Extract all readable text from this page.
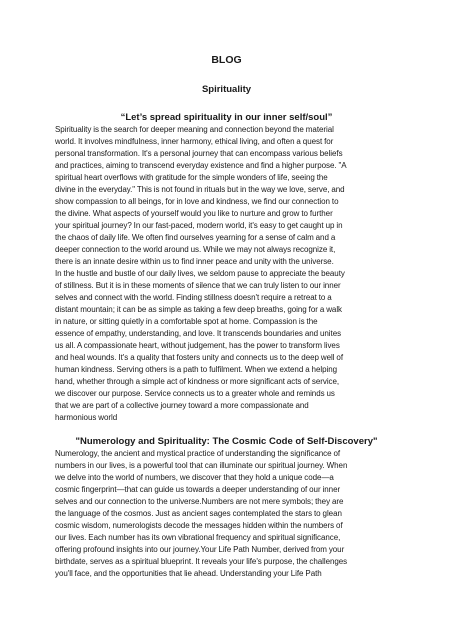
BLOG
Spirituality
“Let’s spread spirituality in our inner self/soul”
Spirituality is the search for deeper meaning and connection beyond the material
world. It involves mindfulness, inner harmony, ethical living, and often a quest for
personal transformation. It's a personal journey that can encompass various beliefs
and practices, aiming to transcend everyday existence and find a higher purpose. "A
spiritual heart overflows with gratitude for the simple wonders of life, seeing the
divine in the everyday." This is not found in rituals but in the way we love, serve, and
show compassion to all beings, for in love and kindness, we find our connection to
the divine. What aspects of yourself would you like to nurture and grow to further
your spiritual journey? In our fast-paced, modern world, it's easy to get caught up in
the chaos of daily life. We often find ourselves yearning for a sense of calm and a
deeper connection to the world around us. While we may not always recognize it,
there is an innate desire within us to find inner peace and unity with the universe.
In the hustle and bustle of our daily lives, we seldom pause to appreciate the beauty
of stillness. But it is in these moments of silence that we can truly listen to our inner
selves and connect with the world. Finding stillness doesn't require a retreat to a
distant mountain; it can be as simple as taking a few deep breaths, going for a walk
in nature, or sitting quietly in a comfortable spot at home. Compassion is the
essence of empathy, understanding, and love. It transcends boundaries and unites
us all. A compassionate heart, without judgement, has the power to transform lives
and heal wounds. It's a quality that fosters unity and connects us to the deep well of
human kindness. Serving others is a path to fulfilment. When we extend a helping
hand, whether through a simple act of kindness or more significant acts of service,
we discover our purpose. Service connects us to a greater whole and reminds us
that we are part of a collective journey toward a more compassionate and
harmonious world
"Numerology and Spirituality: The Cosmic Code of Self-Discovery"
Numerology, the ancient and mystical practice of understanding the significance of
numbers in our lives, is a powerful tool that can illuminate our spiritual journey. When
we delve into the world of numbers, we discover that they hold a unique code—a
cosmic fingerprint—that can guide us towards a deeper understanding of our inner
selves and our connection to the universe.Numbers are not mere symbols; they are
the language of the cosmos. Just as ancient sages contemplated the stars to glean
cosmic wisdom, numerologists decode the messages hidden within the numbers of
our lives. Each number has its own vibrational frequency and spiritual significance,
offering profound insights into our journey.Your Life Path Number, derived from your
birthdate, serves as a spiritual blueprint. It reveals your life's purpose, the challenges
you'll face, and the opportunities that lie ahead. Understanding your Life Path
